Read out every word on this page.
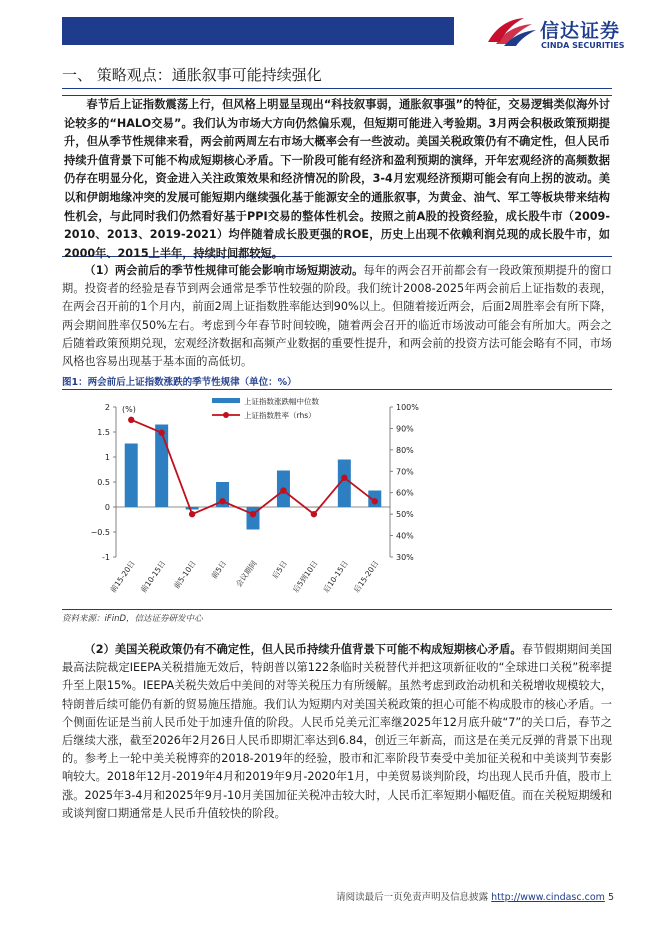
信达证券
CINDA SECURITIES
一、 策略观点：通胀叙事可能持续强化

春节后上证指数震荡上行，但风格上明显呈现出“科技叙事弱，通胀叙事强”的特征，交易逻辑类似海外讨论较多的“HALO交易”。我们认为市场大方向仍然偏乐观，但短期可能进入考验期。3月两会积极政策预期提升，但从季节性规律来看，两会前两周左右市场大概率会有一些波动。美国关税政策仍有不确定性，但人民币持续升值背景下可能不构成短期核心矛盾。下一阶段可能有经济和盈利预期的演绎，开年宏观经济的高频数据仍存在明显分化，资金进入关注政策效果和经济情况的阶段，3-4月宏观经济预期可能会有向上拐的波动。美以和伊朗地缘冲突的发展可能短期内继续强化基于能源安全的通胀叙事，为黄金、油气、军工等板块带来结构性机会，与此同时我们仍然看好基于PPI交易的整体性机会。按照之前A股的投资经验，成长股牛市（2009-2010、2013、2019-2021）均伴随着成长股更强的ROE，历史上出现不依赖利润兑现的成长股牛市，如2000年、2015上半年，持续时间都较短。

（1）两会前后的季节性规律可能会影响市场短期波动。每年的两会召开前都会有一段政策预期提升的窗口期。投资者的经验是春节到两会通常是季节性较强的阶段。我们统计2008-2025年两会前后上证指数的表现，在两会召开前的1个月内，前面2周上证指数胜率能达到90%以上。但随着接近两会，后面2周胜率会有所下降，两会期间胜率仅50%左右。考虑到今年春节时间较晚，随着两会召开的临近市场波动可能会有所加大。两会之后随着政策预期兑现，宏观经济数据和高频产业数据的重要性提升，和两会前的投资方法可能会略有不同，市场风格也容易出现基于基本面的高低切。

图1：两会前后上证指数涨跌的季节性规律（单位：%）
-1
−0.5
0
0.5
1
1.5
2 (%)
30%
40%
50%
60%
70%
80%
90%
100%
前15-20日 前10-15日 前5-10日 前5日 会议期间 后5日 后5到10日 后10-15日 后15-20日
上证指数涨跌幅中位数
上证指数胜率（rhs）
资料来源：iFinD，信达证券研发中心

（2）美国关税政策仍有不确定性，但人民币持续升值背景下可能不构成短期核心矛盾。春节假期期间美国最高法院裁定IEEPA关税措施无效后，特朗普以第122条临时关税替代并把这项新征收的“全球进口关税”税率提升至上限15%。IEEPA关税失效后中美间的对等关税压力有所缓解。虽然考虑到政治动机和关税增收规模较大，特朗普后续可能仍有新的贸易施压措施。我们认为短期内对美国关税政策的担心可能不构成股市的核心矛盾。一个侧面佐证是当前人民币处于加速升值的阶段。人民币兑美元汇率继2025年12月底升破“7”的关口后，春节之后继续大涨，截至2026年2月26日人民币即期汇率达到6.84，创近三年新高，而这是在美元反弹的背景下出现的。参考上一轮中美关税博弈的2018-2019年的经验，股市和汇率阶段节奏受中美加征关税和中美谈判节奏影响较大。2018年12月-2019年4月和2019年9月-2020年1月，中美贸易谈判阶段，均出现人民币升值，股市上涨。2025年3-4月和2025年9月-10月美国加征关税冲击较大时，人民币汇率短期小幅贬值。而在关税短期缓和或谈判窗口期通常是人民币升值较快的阶段。

请阅读最后一页免责声明及信息披露 http://www.cindasc.com 5
